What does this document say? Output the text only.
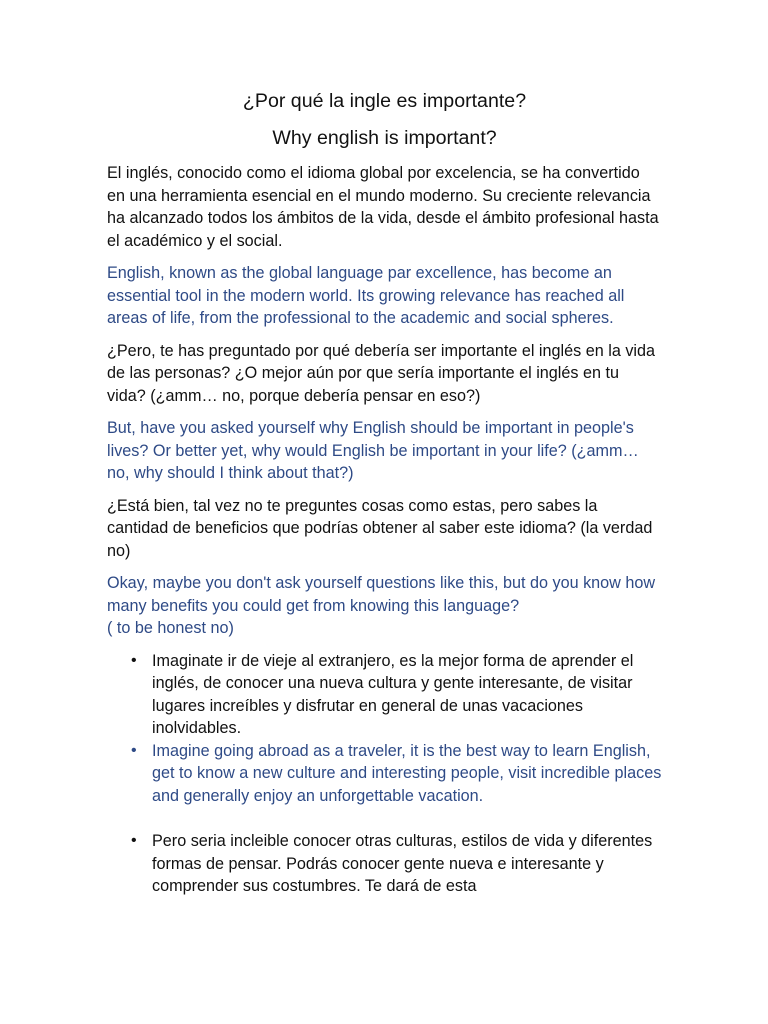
¿Por qué la ingle es importante?
Why english is important?

El inglés, conocido como el idioma global por excelencia, se ha convertido en una herramienta esencial en el mundo moderno. Su creciente relevancia ha alcanzado todos los ámbitos de la vida, desde el ámbito profesional hasta el académico y el social.

English, known as the global language par excellence, has become an essential tool in the modern world. Its growing relevance has reached all areas of life, from the professional to the academic and social spheres.

¿Pero, te has preguntado por qué debería ser importante el inglés en la vida de las personas? ¿O mejor aún por que sería importante el inglés en tu vida? (¿amm… no, porque debería pensar en eso?)

But, have you asked yourself why English should be important in people's lives? Or better yet, why would English be important in your life? (¿amm… no, why should I think about that?)

¿Está bien, tal vez no te preguntes cosas como estas, pero sabes la cantidad de beneficios que podrías obtener al saber este idioma? (la verdad no)

Okay, maybe you don't ask yourself questions like this, but do you know how many benefits you could get from knowing this language?
( to be honest no)

• Imaginate ir de vieje al extranjero, es la mejor forma de aprender el inglés, de conocer una nueva cultura y gente interesante, de visitar lugares increíbles y disfrutar en general de unas vacaciones inolvidables.
• Imagine going abroad as a traveler, it is the best way to learn English, get to know a new culture and interesting people, visit incredible places and generally enjoy an unforgettable vacation.
• Pero seria incleible conocer otras culturas, estilos de vida y diferentes formas de pensar. Podrás conocer gente nueva e interesante y comprender sus costumbres. Te dará de esta
